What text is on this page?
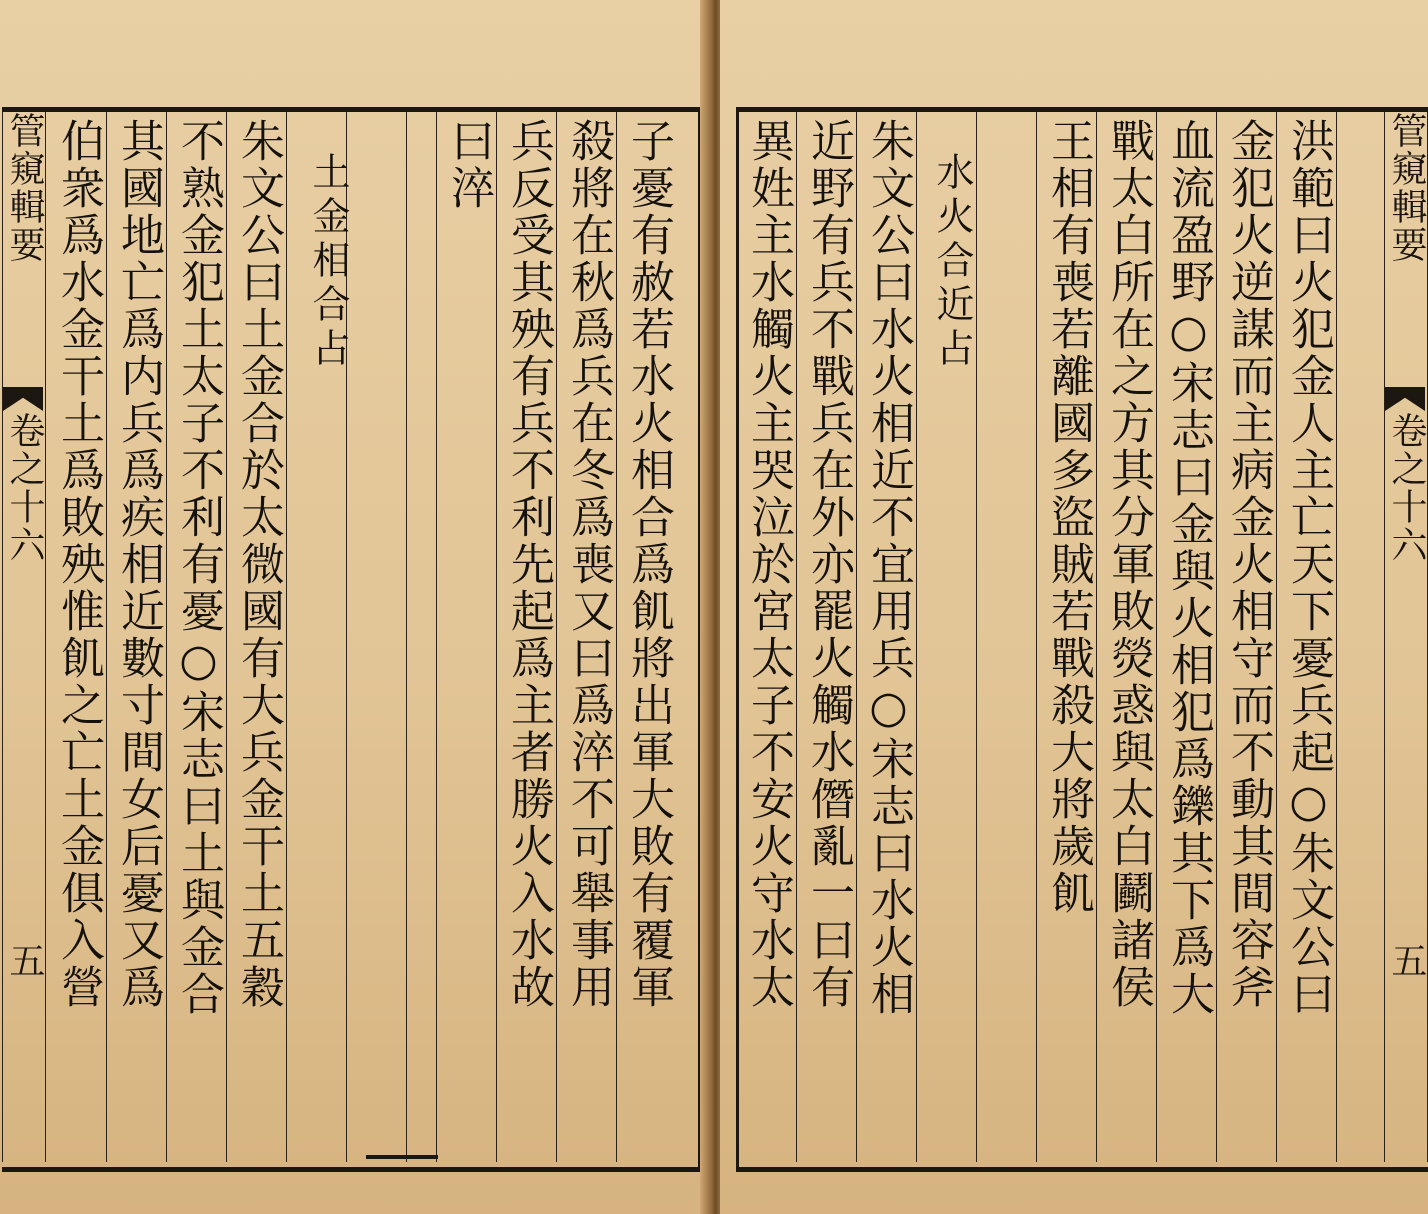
管窺輯要
卷之十六
五 伯衆爲水金干土爲敗殃惟飢之亡土金俱入營 其國地亡爲内兵爲疾相近數寸間女后憂又爲 不熟金犯土太子不利有憂○宋志曰土與金合 朱文公曰土金合於太微國有大兵金干土五穀 土金相合占 曰淬 兵反受其殃有兵不利先起爲主者勝火入水故 殺將在秋爲兵在冬爲喪又曰爲淬不可舉事用 子憂有赦若水火相合爲飢將出軍大敗有覆軍 異姓主水觸火主哭泣於宮太子不安火守水太 近野有兵不戰兵在外亦罷火觸水僭亂一曰有 朱文公曰水火相近不宜用兵○宋志曰水火相 水火合近占 王相有喪若離國多盜賊若戰殺大將歲飢 戰太白所在之方其分軍敗熒惑與太白鬬諸侯 血流盈野○宋志曰金與火相犯爲鑠其下爲大 金犯火逆謀而主病金火相守而不動其間容斧 洪範曰火犯金人主亡天下憂兵起○朱文公曰 管窺輯要
卷之十六
五
